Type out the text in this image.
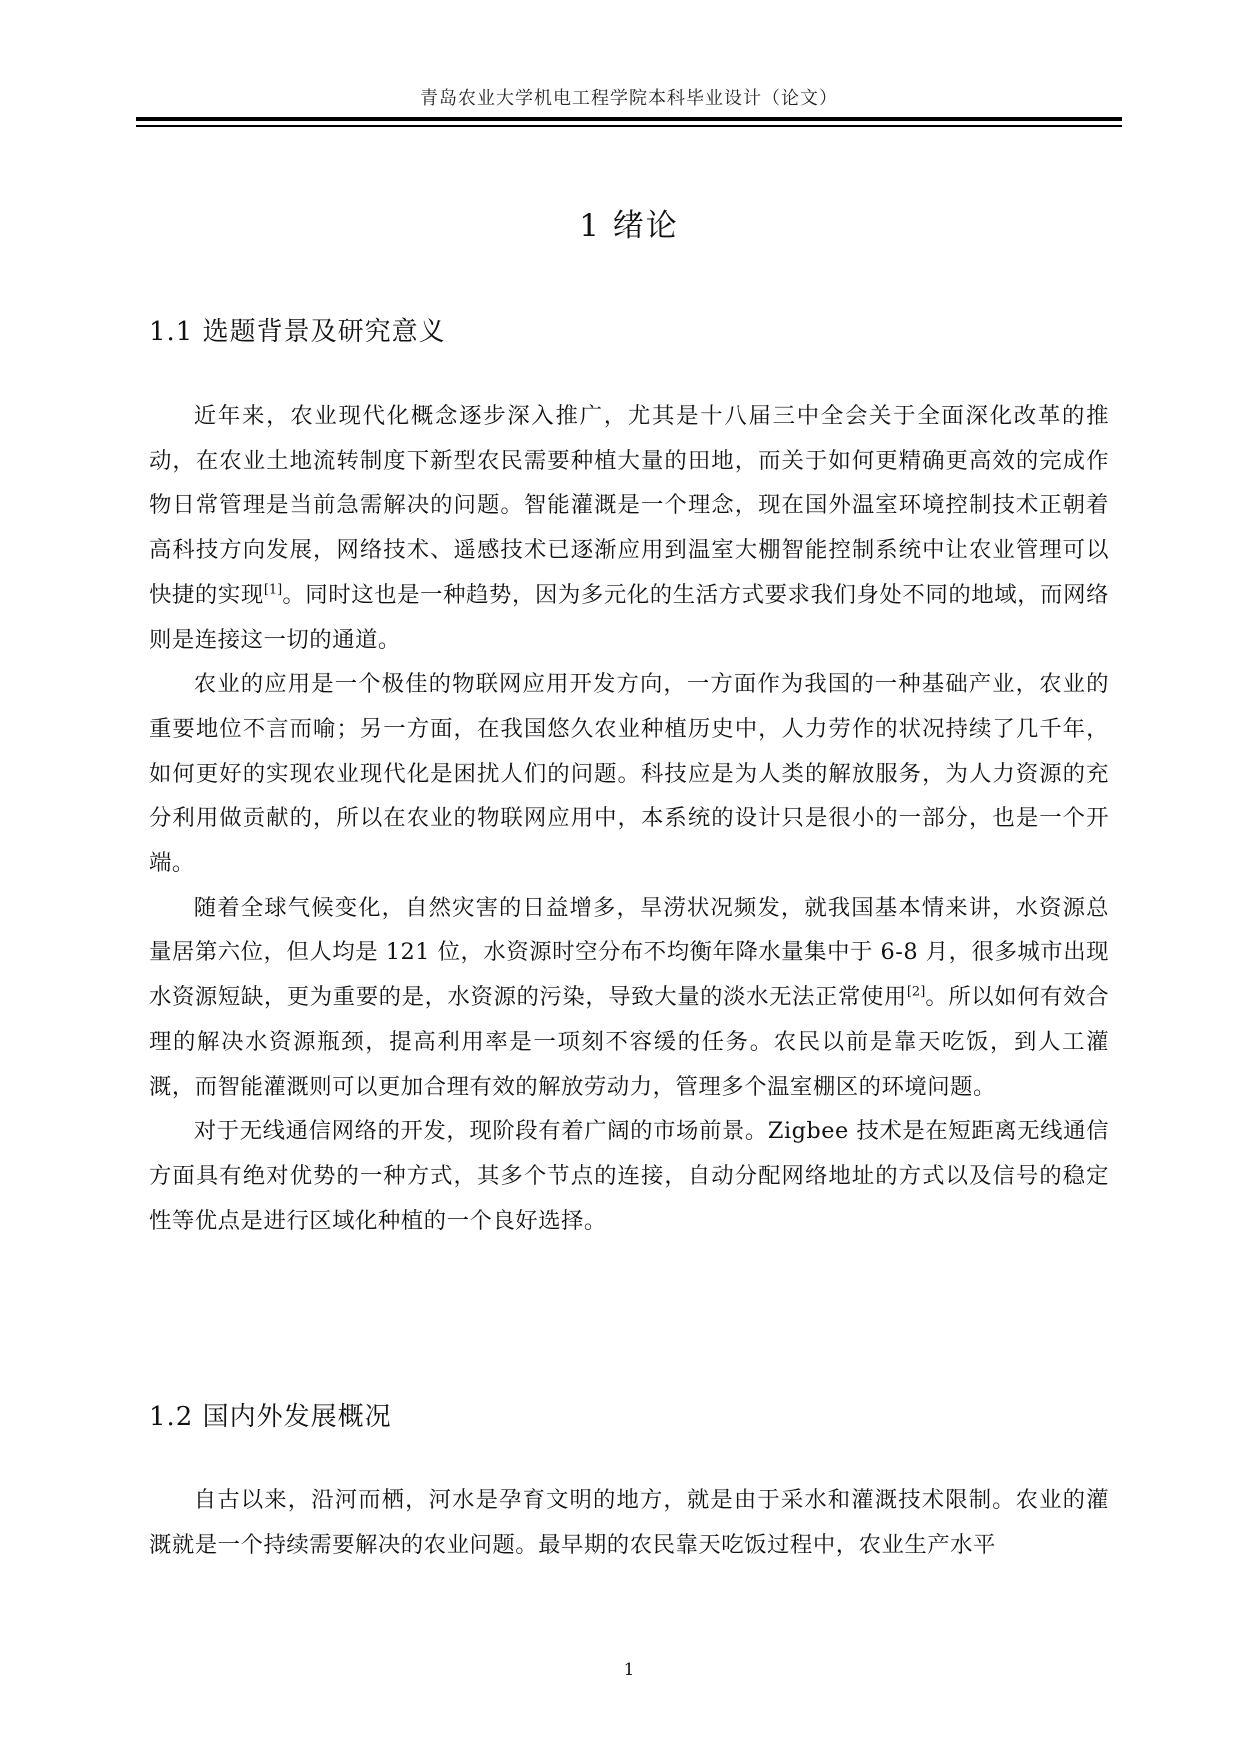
青岛农业大学机电工程学院本科毕业设计（论文）
1 绪论
1.1 选题背景及研究意义

近年来，农业现代化概念逐步深入推广，尤其是十八届三中全会关于全面深化改革的推动，在农业土地流转制度下新型农民需要种植大量的田地，而关于如何更精确更高效的完成作物日常管理是当前急需解决的问题。智能灌溉是一个理念，现在国外温室环境控制技术正朝着高科技方向发展，网络技术、遥感技术已逐渐应用到温室大棚智能控制系统中让农业管理可以快捷的实现[1]。同时这也是一种趋势，因为多元化的生活方式要求我们身处不同的地域，而网络则是连接这一切的通道。

农业的应用是一个极佳的物联网应用开发方向，一方面作为我国的一种基础产业，农业的重要地位不言而喻；另一方面，在我国悠久农业种植历史中，人力劳作的状况持续了几千年，如何更好的实现农业现代化是困扰人们的问题。科技应是为人类的解放服务，为人力资源的充分利用做贡献的，所以在农业的物联网应用中，本系统的设计只是很小的一部分，也是一个开端。

随着全球气候变化，自然灾害的日益增多，旱涝状况频发，就我国基本情来讲，水资源总量居第六位，但人均是 121 位，水资源时空分布不均衡年降水量集中于 6-8 月，很多城市出现水资源短缺，更为重要的是，水资源的污染，导致大量的淡水无法正常使用[2]。所以如何有效合理的解决水资源瓶颈，提高利用率是一项刻不容缓的任务。农民以前是靠天吃饭，到人工灌溉，而智能灌溉则可以更加合理有效的解放劳动力，管理多个温室棚区的环境问题。

对于无线通信网络的开发，现阶段有着广阔的市场前景。Zigbee 技术是在短距离无线通信方面具有绝对优势的一种方式，其多个节点的连接，自动分配网络地址的方式以及信号的稳定性等优点是进行区域化种植的一个良好选择。

1.2 国内外发展概况

自古以来，沿河而栖，河水是孕育文明的地方，就是由于采水和灌溉技术限制。农业的灌溉就是一个持续需要解决的农业问题。最早期的农民靠天吃饭过程中，农业生产水平

1
